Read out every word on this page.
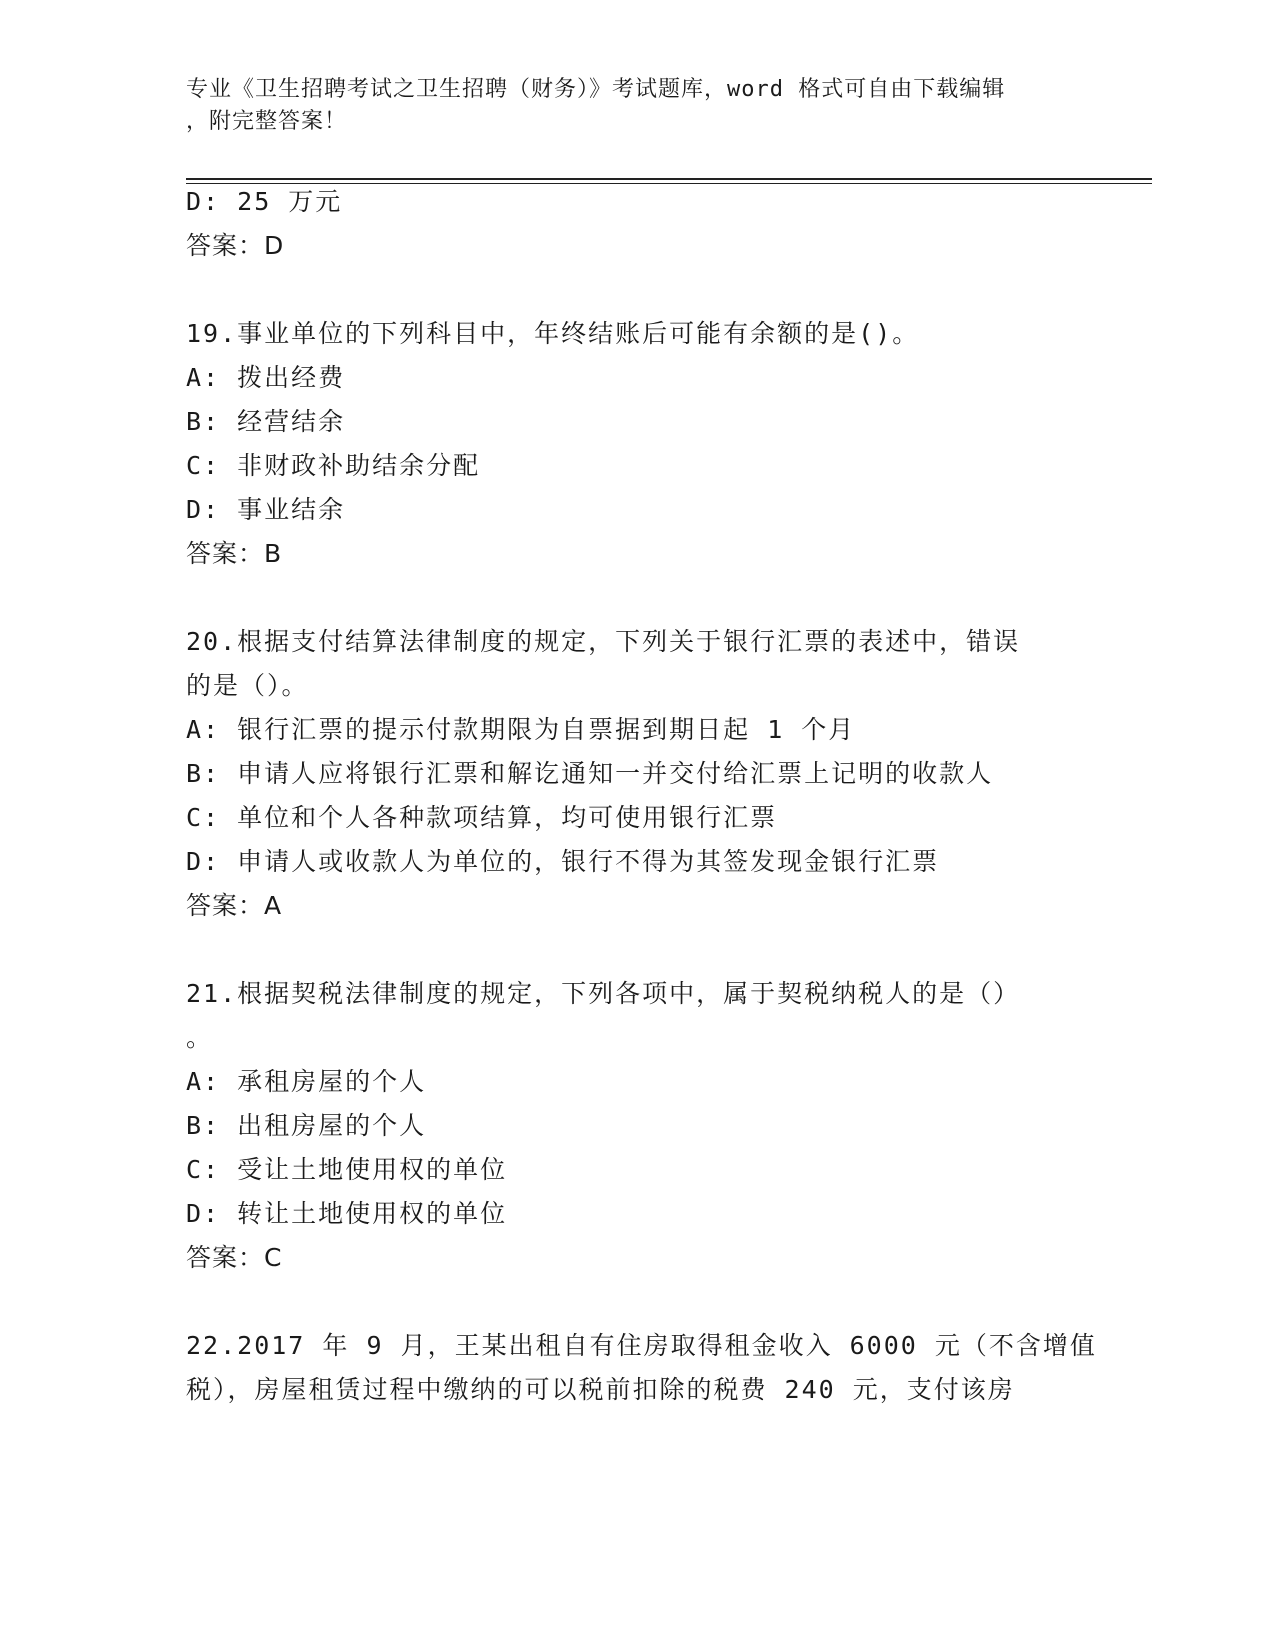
专业《卫生招聘考试之卫生招聘（财务）》考试题库，word 格式可自由下载编辑
，附完整答案！
D: 25 万元
答案：D
19.事业单位的下列科目中，年终结账后可能有余额的是()。
A: 拨出经费
B: 经营结余
C: 非财政补助结余分配
D: 事业结余
答案：B
20.根据支付结算法律制度的规定，下列关于银行汇票的表述中，错误
的是（）。
A: 银行汇票的提示付款期限为自票据到期日起 1 个月
B: 申请人应将银行汇票和解讫通知一并交付给汇票上记明的收款人
C: 单位和个人各种款项结算，均可使用银行汇票
D: 申请人或收款人为单位的，银行不得为其签发现金银行汇票
答案：A
21.根据契税法律制度的规定，下列各项中，属于契税纳税人的是（）
。
A: 承租房屋的个人
B: 出租房屋的个人
C: 受让土地使用权的单位
D: 转让土地使用权的单位
答案：C
22.2017 年 9 月，王某出租自有住房取得租金收入 6000 元（不含增值
税），房屋租赁过程中缴纳的可以税前扣除的税费 240 元，支付该房
